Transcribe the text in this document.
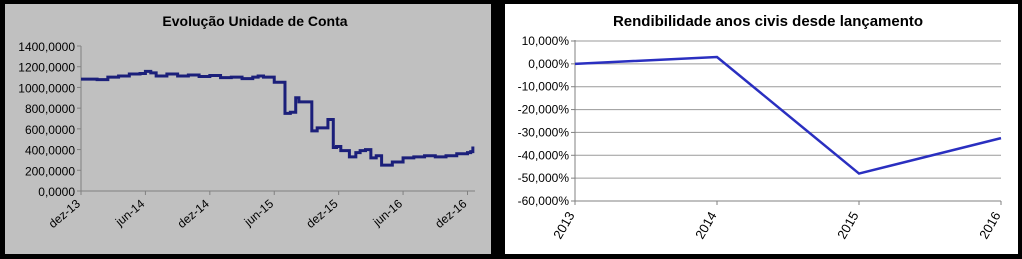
Evolução Unidade de Conta
1400,0000
1200,0000
1000,0000
800,0000
600,0000
400,0000
200,0000
0,0000
dez-13 jun-14 dez-14 jun-15 dez-15 jun-16 dez-16
Rendibilidade anos civis desde lançamento
10,000%
0,000%
-10,000%
-20,000%
-30,000%
-40,000%
-50,000%
-60,000%
2013	2014	2015	2016
